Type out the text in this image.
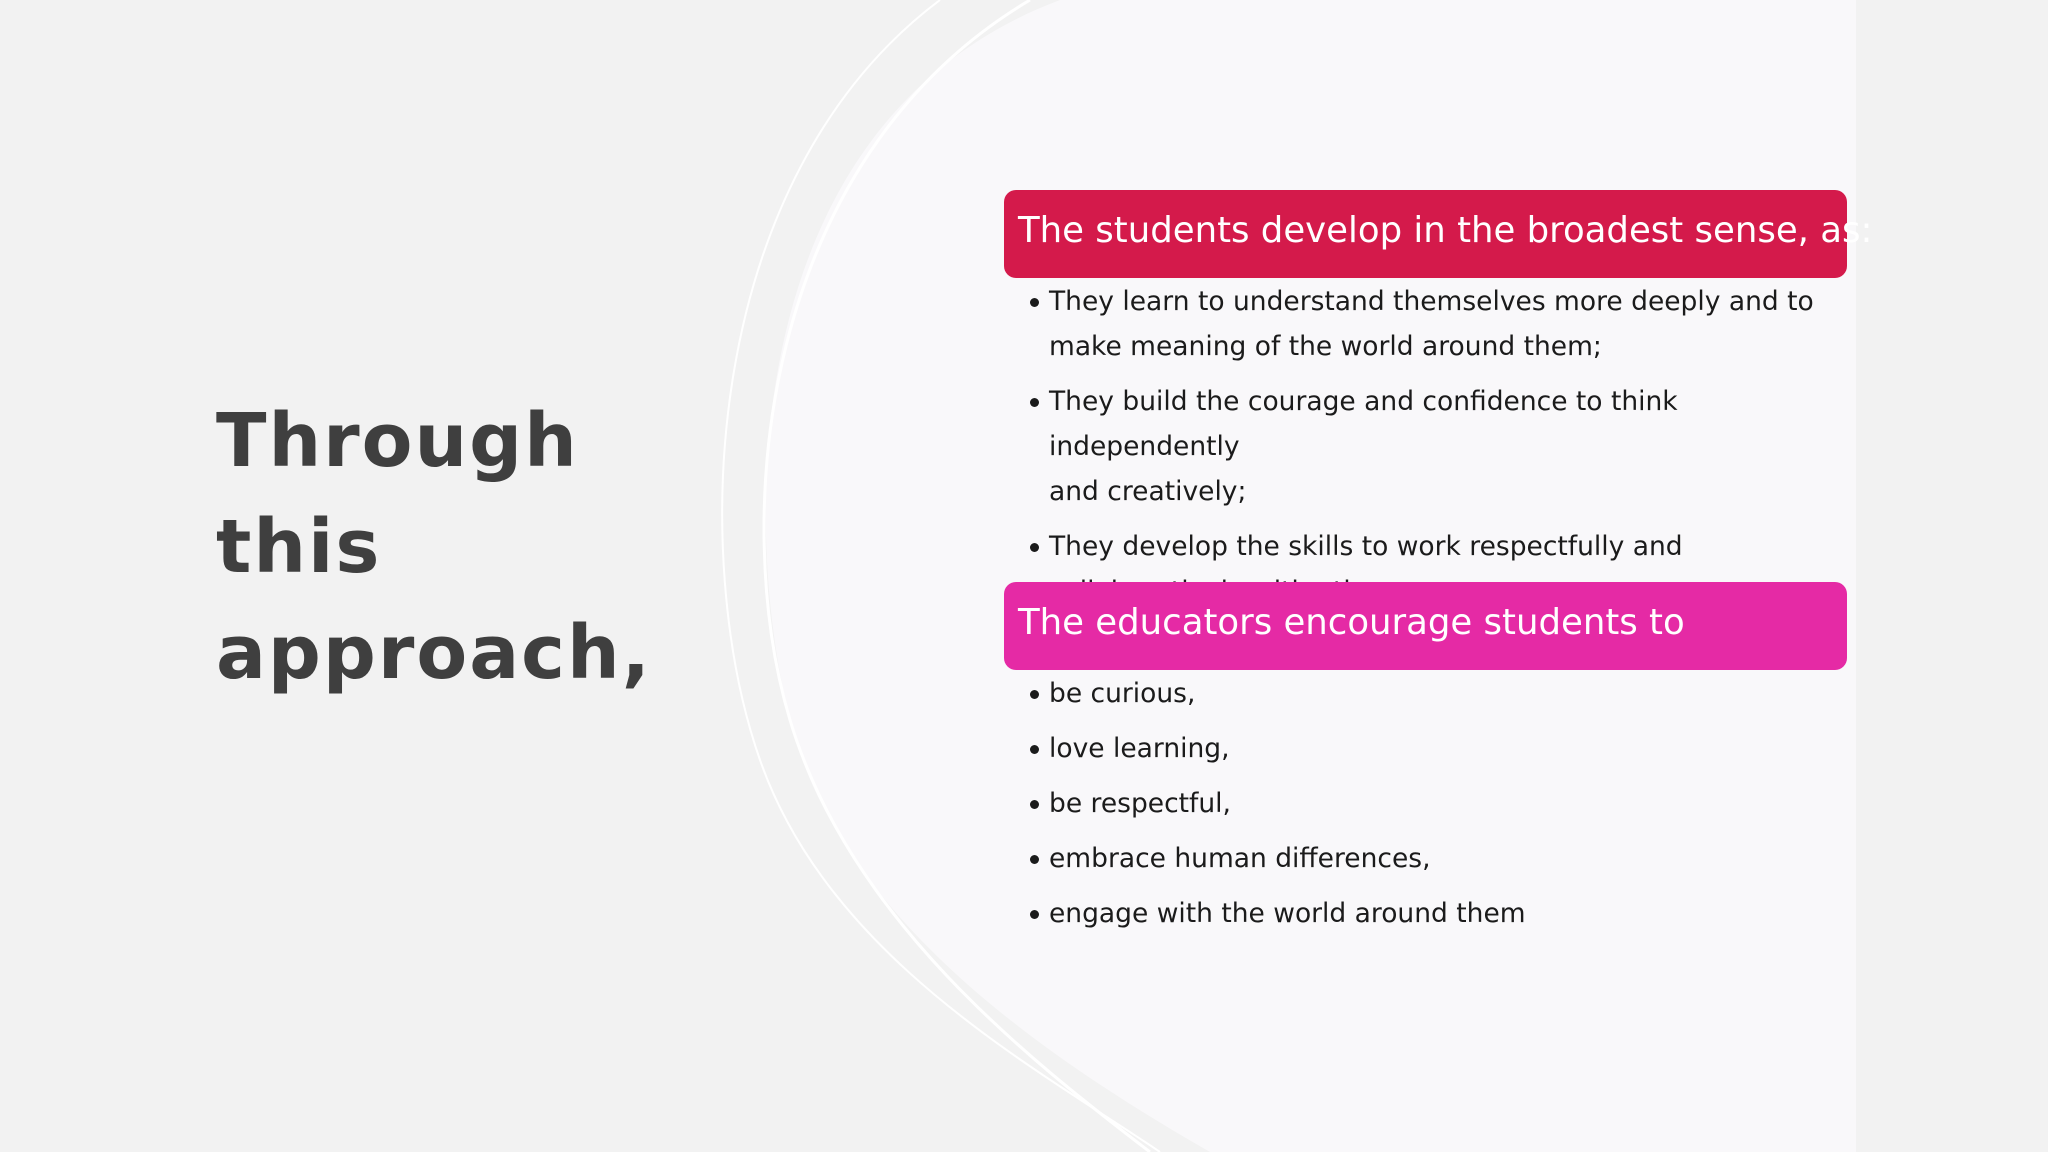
Through
this
approach,
The students develop in the broadest sense, as:
They learn to understand themselves more deeply and to
make meaning of the world around them;
They build the courage and confidence to think independently
and creatively;
They develop the skills to work respectfully and

The educators encourage students to
be curious,
love learning,
be respectful,
embrace human differences,
engage with the world around them
